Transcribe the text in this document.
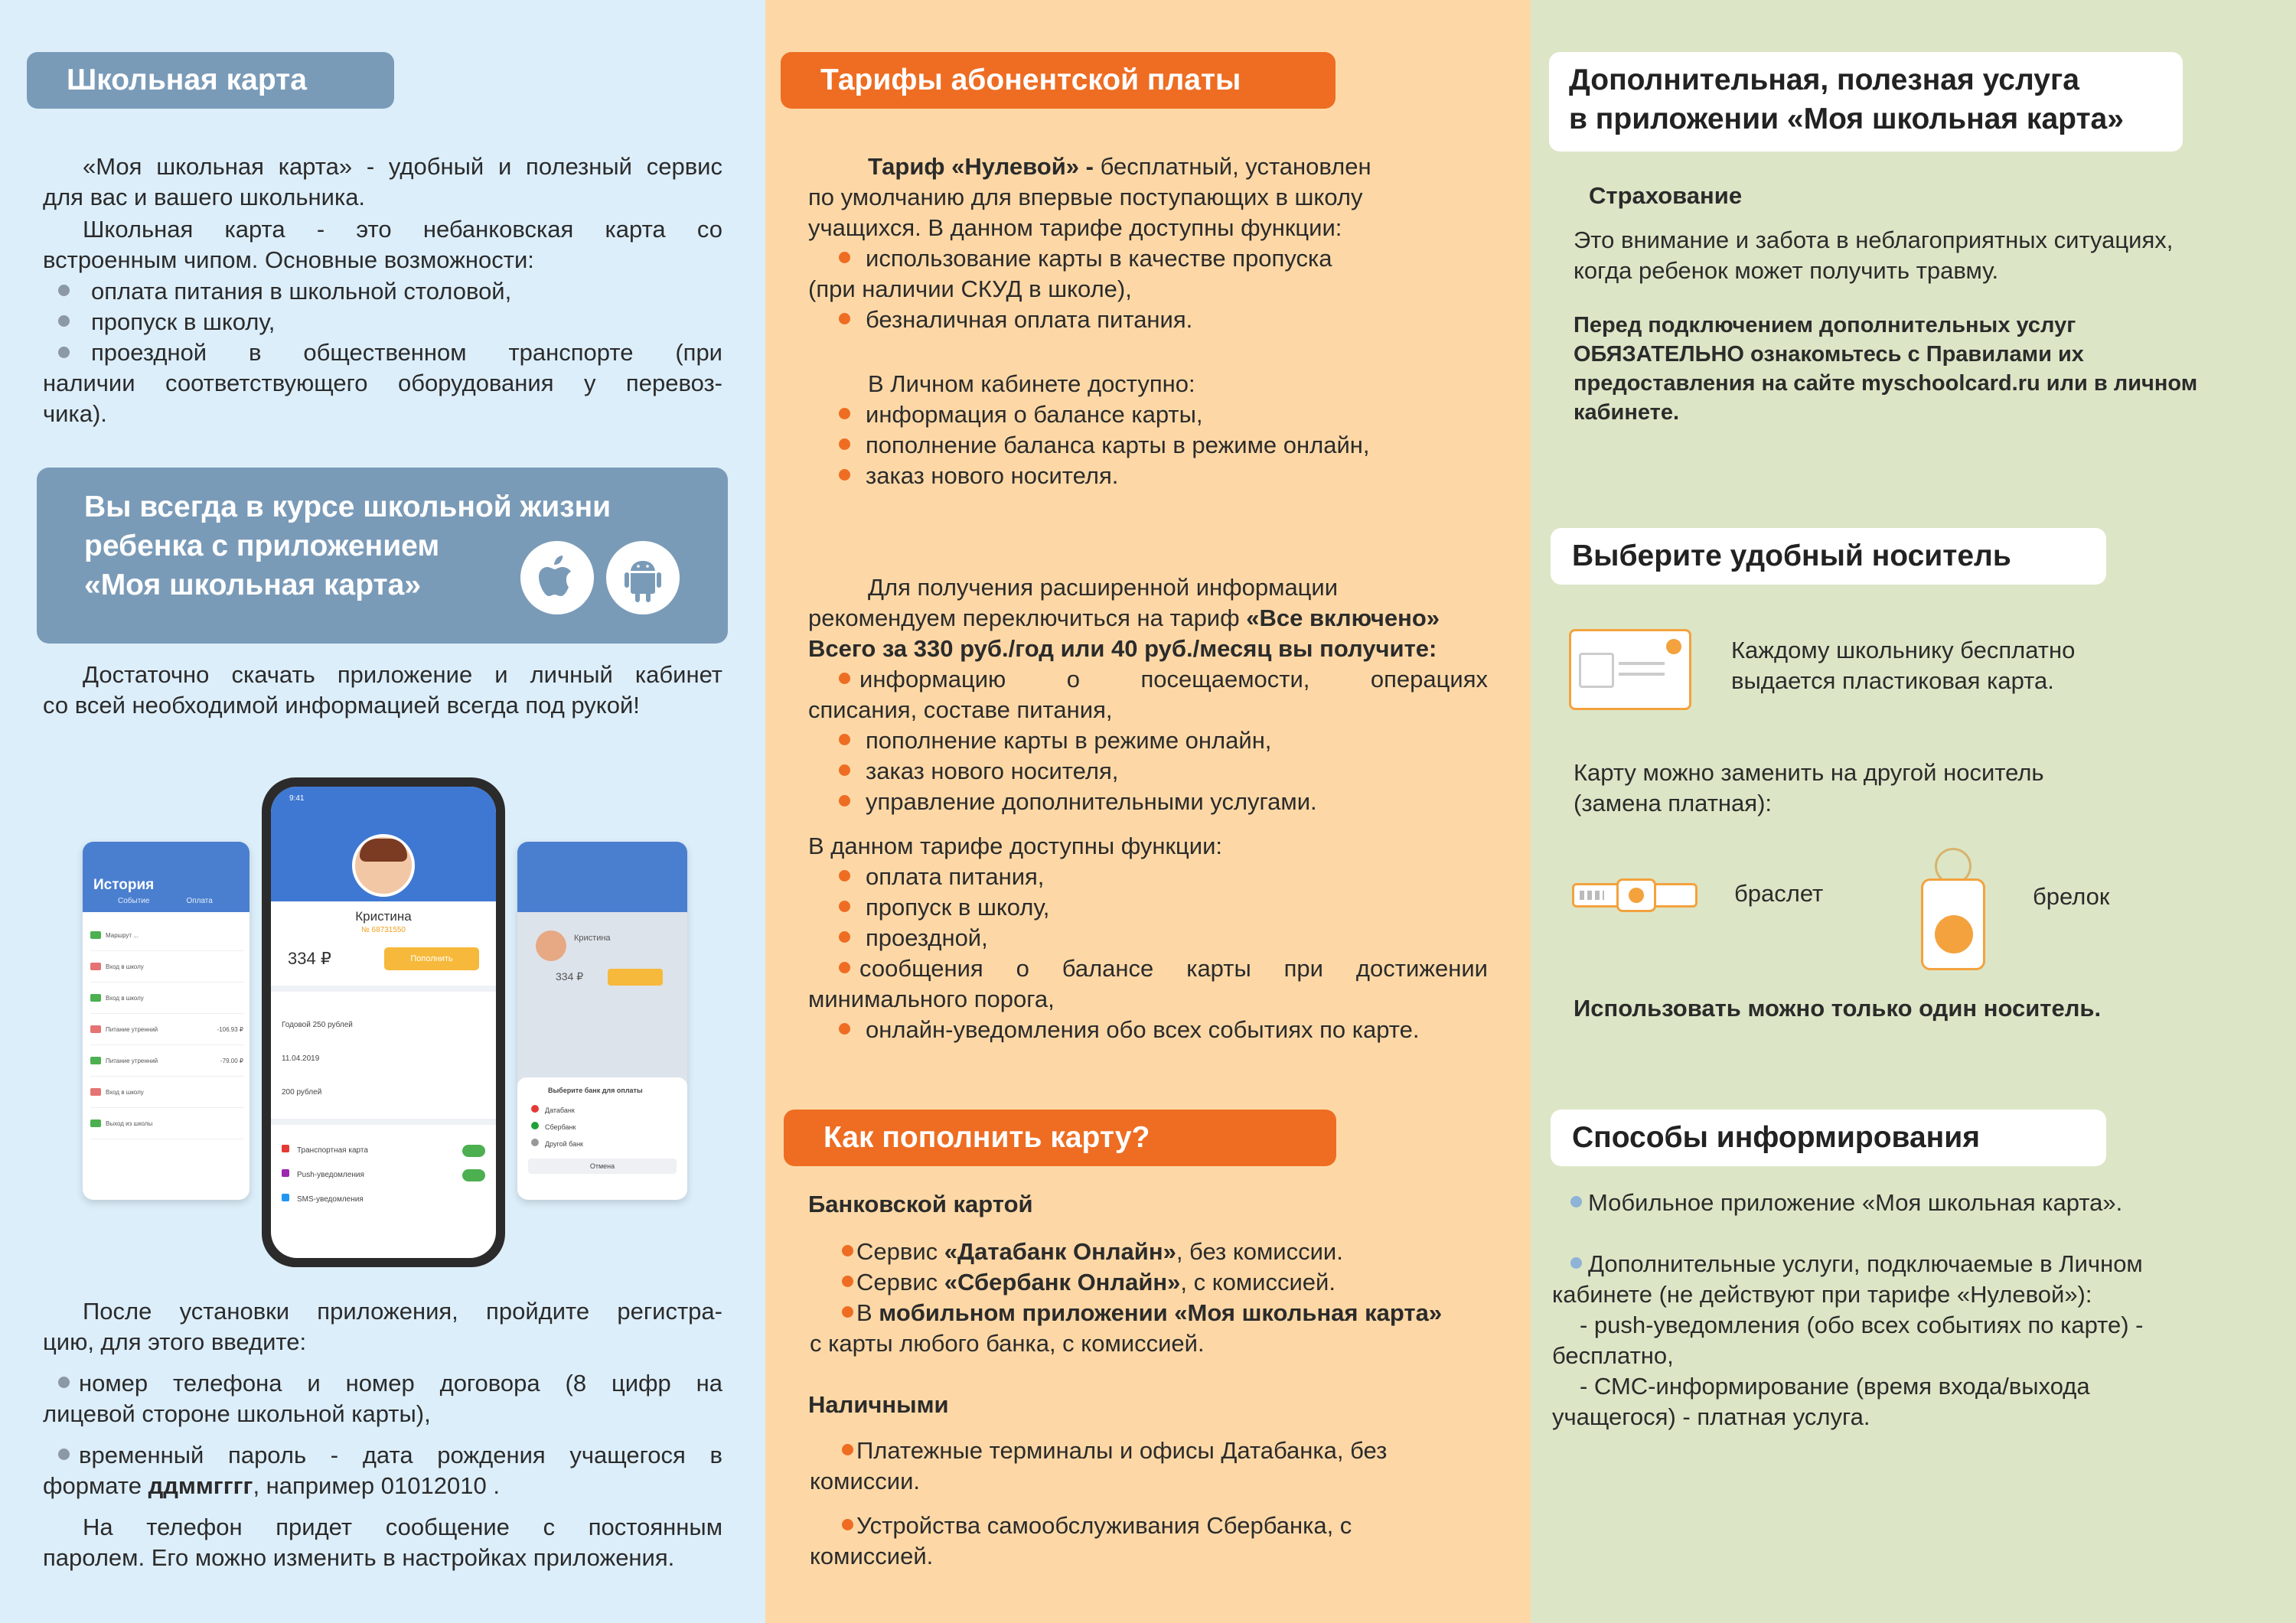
Школьная карта
«Моя школьная карта» - удобный и полезный сервис
для вас и вашего школьника.
Школьная карта - это небанковская карта со
встроенным чипом. Основные возможности:
оплата питания в школьной столовой,
пропуск в школу,
проездной в общественном транспорте (при
наличии соответствующего оборудования у перевоз-
чика).
Вы всегда в курсе школьной жизни
ребенка с приложением
«Моя школьная карта»
Достаточно скачать приложение и личный кабинет
со всей необходимой информацией всегда под рукой!
История
Событие	Оплата
Маршрут ...
Вход в школу
Вход в школу
Питание утренний	-106.93 ₽
Питание утренний	-79.00 ₽
Вход в школу
Выход из школы
Кристина
334 ₽
Выберите банк для оплаты
Датабанк
Сбербанк
Другой банк
Отмена
9:41
Кристина
№ 68731550
334 ₽	Пополнить
Годовой 250 рублей
11.04.2019
200 рублей
Транспортная карта
Push-уведомления
SMS-уведомления
После установки приложения, пройдите регистра-
цию, для этого введите:
номер телефона и номер договора (8 цифр на
лицевой стороне школьной карты),
временный пароль - дата рождения учащегося в
формате ддммгггг, например 01012010 .
На телефон придет сообщение с постоянным
паролем. Его можно изменить в настройках приложения.
Тарифы абонентской платы
Тариф «Нулевой» - бесплатный, установлен
по умолчанию для впервые поступающих в школу
учащихся. В данном тарифе доступны функции:
использование карты в качестве пропуска
(при наличии СКУД в школе),
безналичная оплата питания.
В Личном кабинете доступно:
информация о балансе карты,
пополнение баланса карты в режиме онлайн,
заказ нового носителя.
Для получения расширенной информации
рекомендуем переключиться на тариф «Все включено»
Всего за 330 руб./год или 40 руб./месяц вы получите:
информацию о посещаемости, операциях
списания, составе питания,
пополнение карты в режиме онлайн,
заказ нового носителя,
управление дополнительными услугами.
В данном тарифе доступны функции:
оплата питания,
пропуск в школу,
проездной,
сообщения о балансе карты при достижении
минимального порога,
онлайн-уведомления обо всех событиях по карте.
Как пополнить карту?
Банковской картой
Сервис «Датабанк Онлайн», без комиссии.
Сервис «Сбербанк Онлайн», с комиссией.
В мобильном приложении «Моя школьная карта»
с карты любого банка, с комиссией.
Наличными
Платежные терминалы и офисы Датабанка, без
комиссии.
Устройства самообслуживания Сбербанка, с
комиссией.
Дополнительная, полезная услуга
в приложении «Моя школьная карта»
Страхование
Это внимание и забота в неблагоприятных ситуациях,
когда ребенок может получить травму.
Перед подключением дополнительных услуг
ОБЯЗАТЕЛЬНО ознакомьтесь с Правилами их
предоставления на сайте myschoolcard.ru или в личном
кабинете.
Выберите удобный носитель
Каждому школьнику бесплатно
выдается пластиковая карта.
Карту можно заменить на другой носитель
(замена платная):
браслет	брелок
Использовать можно только один носитель.
Способы информирования
Мобильное приложение «Моя школьная карта».
Дополнительные услуги, подключаемые в Личном
кабинете (не действуют при тарифе «Нулевой»):
- push-уведомления (обо всех событиях по карте) -
бесплатно,
- СМС-информирование (время входа/выхода
учащегося) - платная услуга.
